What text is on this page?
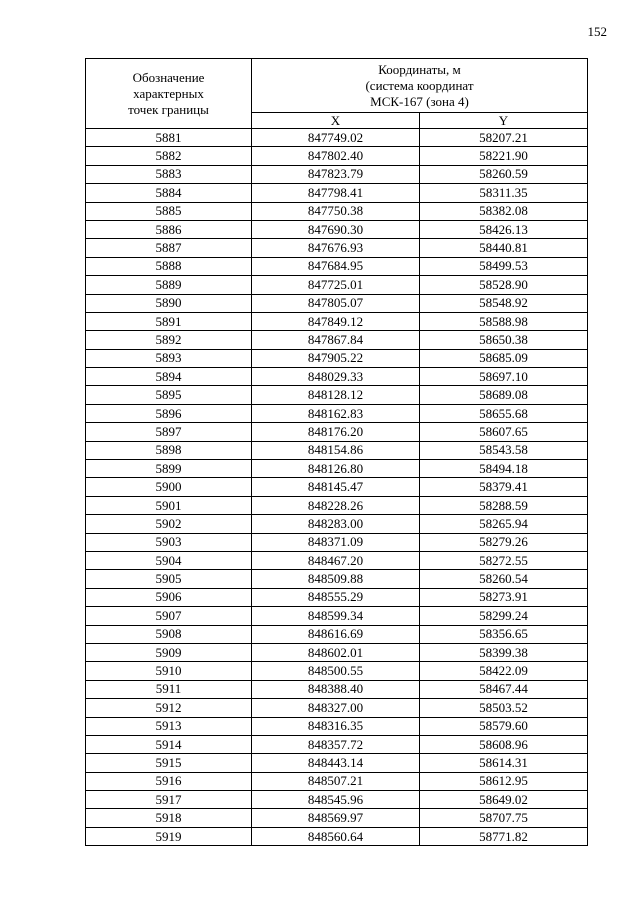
152
Обозначение
характерных
точек границы	Координаты, м
(система координат
МСК-167 (зона 4)	
	X	Y
5881	847749.02	58207.21
5882	847802.40	58221.90
5883	847823.79	58260.59
5884	847798.41	58311.35
5885	847750.38	58382.08
5886	847690.30	58426.13
5887	847676.93	58440.81
5888	847684.95	58499.53
5889	847725.01	58528.90
5890	847805.07	58548.92
5891	847849.12	58588.98
5892	847867.84	58650.38
5893	847905.22	58685.09
5894	848029.33	58697.10
5895	848128.12	58689.08
5896	848162.83	58655.68
5897	848176.20	58607.65
5898	848154.86	58543.58
5899	848126.80	58494.18
5900	848145.47	58379.41
5901	848228.26	58288.59
5902	848283.00	58265.94
5903	848371.09	58279.26
5904	848467.20	58272.55
5905	848509.88	58260.54
5906	848555.29	58273.91
5907	848599.34	58299.24
5908	848616.69	58356.65
5909	848602.01	58399.38
5910	848500.55	58422.09
5911	848388.40	58467.44
5912	848327.00	58503.52
5913	848316.35	58579.60
5914	848357.72	58608.96
5915	848443.14	58614.31
5916	848507.21	58612.95
5917	848545.96	58649.02
5918	848569.97	58707.75
5919	848560.64	58771.82
